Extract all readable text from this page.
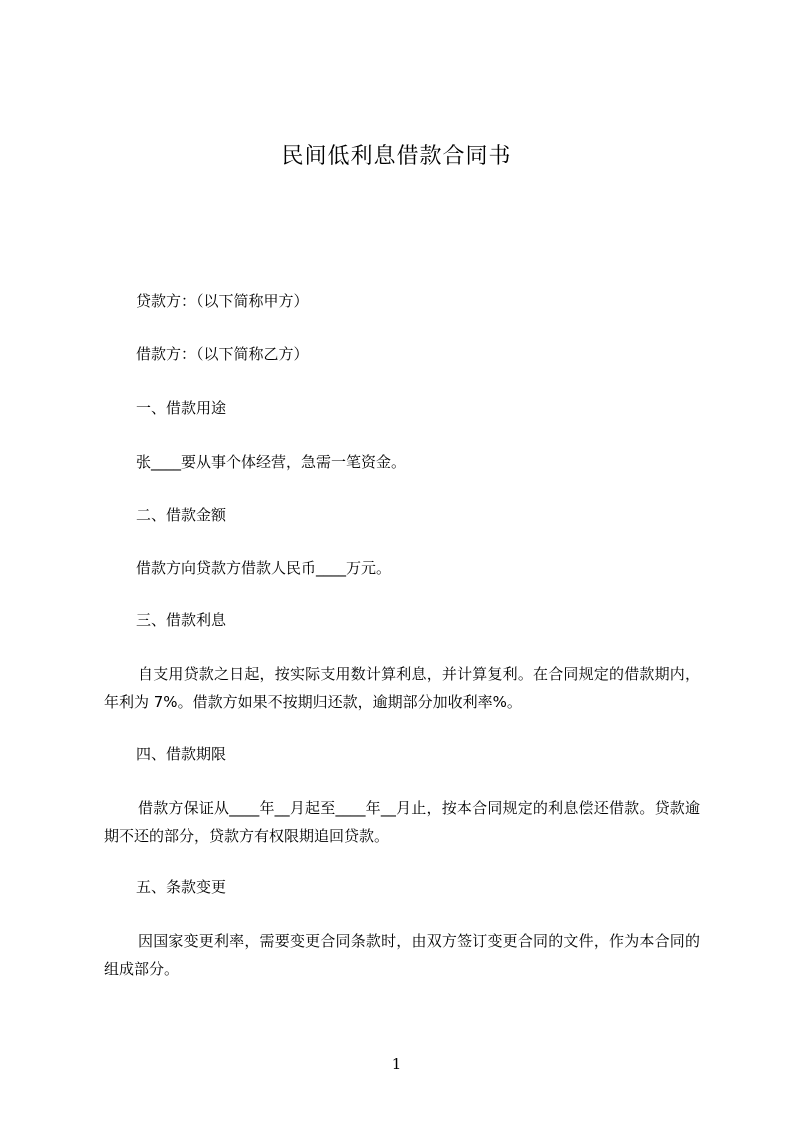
民间低利息借款合同书
贷款方：（以下简称甲方）
借款方：（以下简称乙方）
一、借款用途
张____要从事个体经营，急需一笔资金。
二、借款金额
借款方向贷款方借款人民币____万元。
三、借款利息
自支用贷款之日起，按实际支用数计算利息，并计算复利。在合同规定的借款期内，年利为 7%。借款方如果不按期归还款，逾期部分加收利率%。
四、借款期限
借款方保证从____年__月起至____年__月止，按本合同规定的利息偿还借款。贷款逾期不还的部分，贷款方有权限期追回贷款。
五、条款变更
因国家变更利率，需要变更合同条款时，由双方签订变更合同的文件，作为本合同的组成部分。
1
